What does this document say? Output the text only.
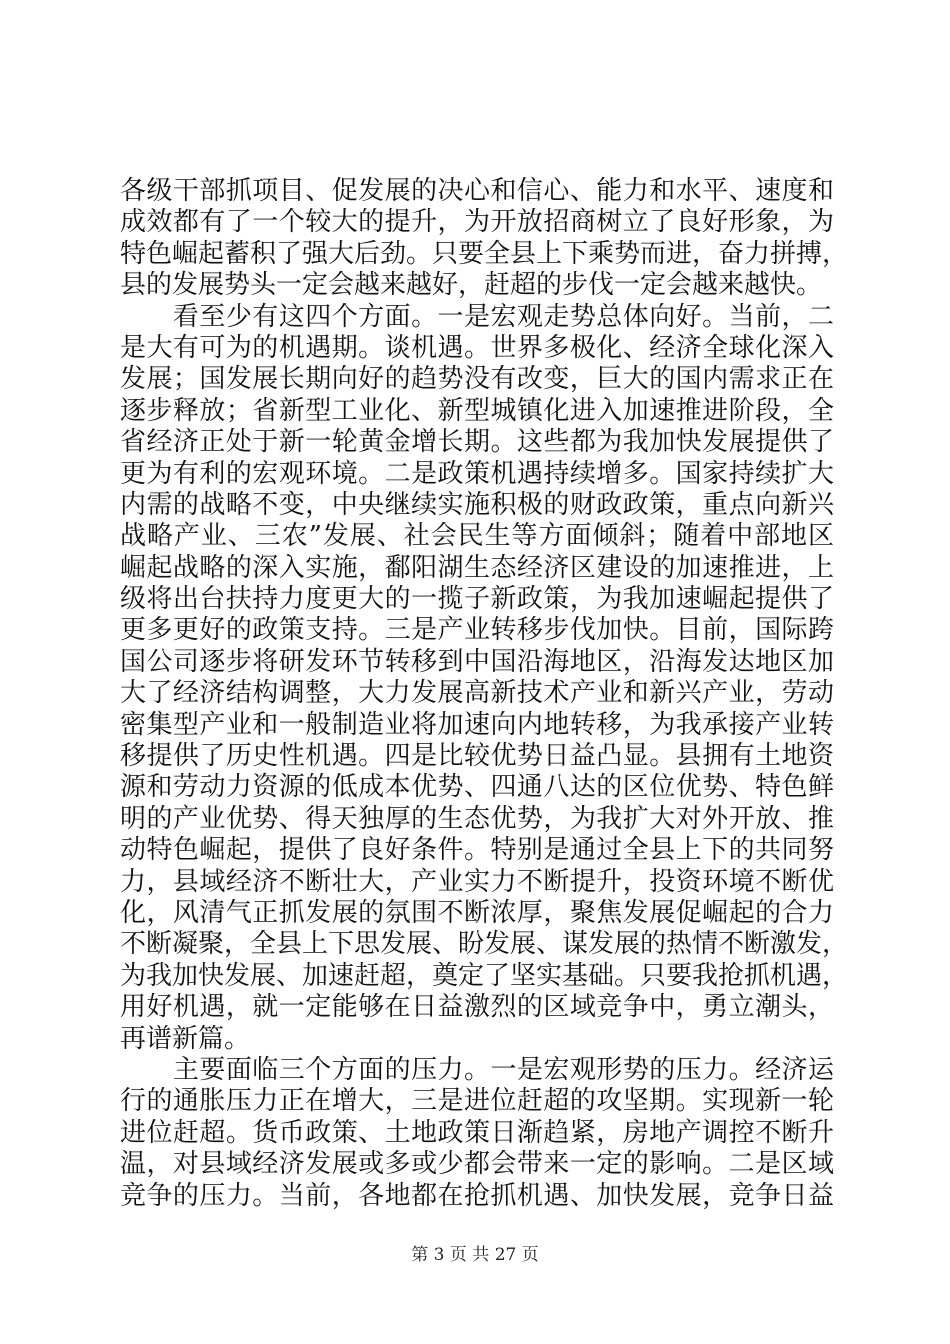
各级干部抓项目、促发展的决心和信心、能力和水平、速度和
成效都有了一个较大的提升，为开放招商树立了良好形象，为
特色崛起蓄积了强大后劲。只要全县上下乘势而进，奋力拼搏，
县的发展势头一定会越来越好，赶超的步伐一定会越来越快。
　　看至少有这四个方面。一是宏观走势总体向好。当前，二
是大有可为的机遇期。谈机遇。世界多极化、经济全球化深入
发展；国发展长期向好的趋势没有改变，巨大的国内需求正在
逐步释放；省新型工业化、新型城镇化进入加速推进阶段，全
省经济正处于新一轮黄金增长期。这些都为我加快发展提供了
更为有利的宏观环境。二是政策机遇持续增多。国家持续扩大
内需的战略不变，中央继续实施积极的财政政策，重点向新兴
战略产业、三农”发展、社会民生等方面倾斜；随着中部地区
崛起战略的深入实施，鄱阳湖生态经济区建设的加速推进，上
级将出台扶持力度更大的一揽子新政策，为我加速崛起提供了
更多更好的政策支持。三是产业转移步伐加快。目前，国际跨
国公司逐步将研发环节转移到中国沿海地区，沿海发达地区加
大了经济结构调整，大力发展高新技术产业和新兴产业，劳动
密集型产业和一般制造业将加速向内地转移，为我承接产业转
移提供了历史性机遇。四是比较优势日益凸显。县拥有土地资
源和劳动力资源的低成本优势、四通八达的区位优势、特色鲜
明的产业优势、得天独厚的生态优势，为我扩大对外开放、推
动特色崛起，提供了良好条件。特别是通过全县上下的共同努
力，县域经济不断壮大，产业实力不断提升，投资环境不断优
化，风清气正抓发展的氛围不断浓厚，聚焦发展促崛起的合力
不断凝聚，全县上下思发展、盼发展、谋发展的热情不断激发，
为我加快发展、加速赶超，奠定了坚实基础。只要我抢抓机遇，
用好机遇，就一定能够在日益激烈的区域竞争中，勇立潮头，
再谱新篇。
　　主要面临三个方面的压力。一是宏观形势的压力。经济运
行的通胀压力正在增大，三是进位赶超的攻坚期。实现新一轮
进位赶超。货币政策、土地政策日渐趋紧，房地产调控不断升
温，对县域经济发展或多或少都会带来一定的影响。二是区域
竞争的压力。当前，各地都在抢抓机遇、加快发展，竞争日益
第 3 页 共 27 页
